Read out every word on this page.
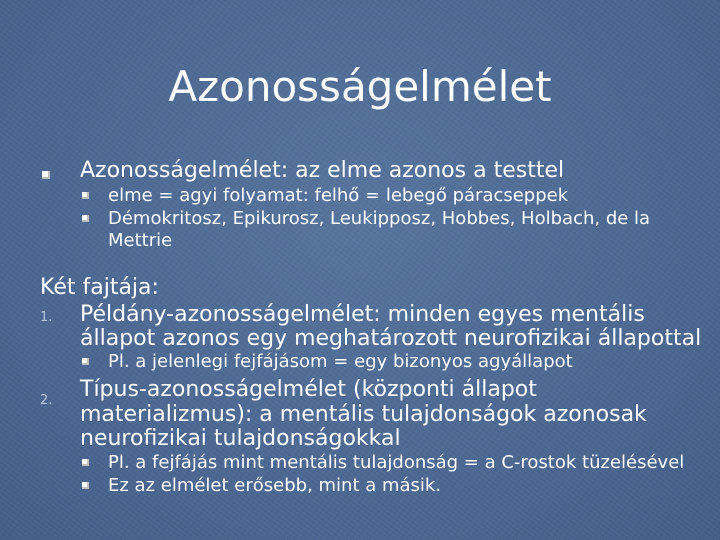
Azonosságelmélet
Azonosságelmélet: az elme azonos a testtel
elme = agyi folyamat: felhő = lebegő páracseppek
Démokritosz, Epikurosz, Leukipposz, Hobbes, Holbach, de la
Mettrie
Két fajtája:
1. Példány-azonosságelmélet: minden egyes mentális
állapot azonos egy meghatározott neurofizikai állapottal
Pl. a jelenlegi fejfájásom = egy bizonyos agyállapot
2. Típus-azonosságelmélet (központi állapot
materializmus): a mentális tulajdonságok azonosak
neurofizikai tulajdonságokkal
Pl. a fejfájás mint mentális tulajdonság = a C-rostok tüzelésével
Ez az elmélet erősebb, mint a másik.
